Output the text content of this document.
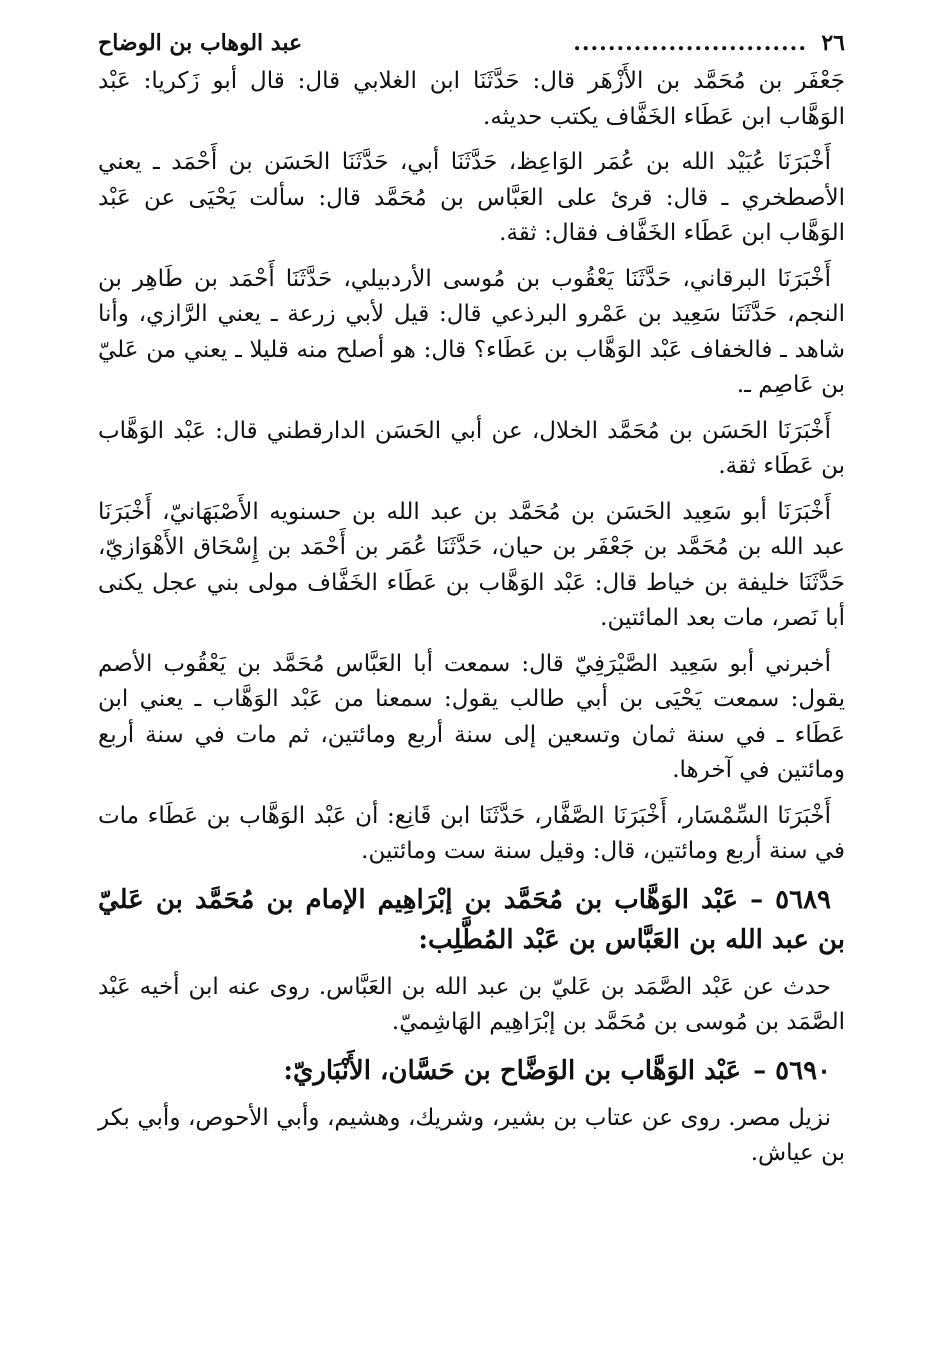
٢٦
...........................
عبد الوهاب بن الوضاح

جَعْفَر بن مُحَمَّد بن الأَزْهَر قال: حَدَّثَنَا ابن الغلابي قال: قال أبو زَكريا: عَبْد الوَهَّاب ابن عَطَاء الخَفَّاف يكتب حديثه.

أَخْبَرَنَا عُبَيْد الله بن عُمَر الوَاعِظ، حَدَّثَنَا أبي، حَدَّثَنَا الحَسَن بن أَحْمَد ـ يعني الأصطخري ـ قال: قرئ على العَبَّاس بن مُحَمَّد قال: سألت يَحْيَى عن عَبْد الوَهَّاب ابن عَطَاء الخَفَّاف فقال: ثقة.

أَخْبَرَنَا البرقاني، حَدَّثَنَا يَعْقُوب بن مُوسى الأردبيلي، حَدَّثَنَا أَحْمَد بن طَاهِر بن النجم، حَدَّثَنَا سَعِيد بن عَمْرو البرذعي قال: قيل لأبي زرعة ـ يعني الرَّازي، وأنا شاهد ـ فالخفاف عَبْد الوَهَّاب بن عَطَاء؟ قال: هو أصلح منه قليلا ـ يعني من عَليّ بن عَاصِم ـ.

أَخْبَرَنَا الحَسَن بن مُحَمَّد الخلال، عن أبي الحَسَن الدارقطني قال: عَبْد الوَهَّاب بن عَطَاء ثقة.

أَخْبَرَنَا أبو سَعِيد الحَسَن بن مُحَمَّد بن عبد الله بن حسنويه الأَصْبَهَانيّ، أَخْبَرَنَا عبد الله بن مُحَمَّد بن جَعْفَر بن حيان، حَدَّثَنَا عُمَر بن أَحْمَد بن إِسْحَاق الأَهْوَازيّ، حَدَّثَنَا خليفة بن خياط قال: عَبْد الوَهَّاب بن عَطَاء الخَفَّاف مولى بني عجل يكنى أبا نَصر، مات بعد المائتين.

أخبرني أبو سَعِيد الصَّيْرَفِيّ قال: سمعت أبا العَبَّاس مُحَمَّد بن يَعْقُوب الأصم يقول: سمعت يَحْيَى بن أبي طالب يقول: سمعنا من عَبْد الوَهَّاب ـ يعني ابن عَطَاء ـ في سنة ثمان وتسعين إلى سنة أربع ومائتين، ثم مات في سنة أربع ومائتين في آخرها.

أَخْبَرَنَا السِّمْسَار، أَخْبَرَنَا الصَّفَّار، حَدَّثَنَا ابن قَانِع: أن عَبْد الوَهَّاب بن عَطَاء مات في سنة أربع ومائتين، قال: وقيل سنة ست ومائتين.

٥٦٨٩ –عَبْد الوَهَّاب بن مُحَمَّد بن إبْرَاهِيم الإمام بن مُحَمَّد بن عَليّ بن عبد الله بن العَبَّاس بن عَبْد المُطَّلِب:

حدث عن عَبْد الصَّمَد بن عَليّ بن عبد الله بن العَبَّاس. روى عنه ابن أخيه عَبْد الصَّمَد بن مُوسى بن مُحَمَّد بن إبْرَاهِيم الهَاشِميّ.

٥٦٩٠ –عَبْد الوَهَّاب بن الوَضَّاح بن حَسَّان، الأَنْبَاريّ:

نزيل مصر. روى عن عتاب بن بشير، وشريك، وهشيم، وأبي الأحوص، وأبي بكر بن عياش.
